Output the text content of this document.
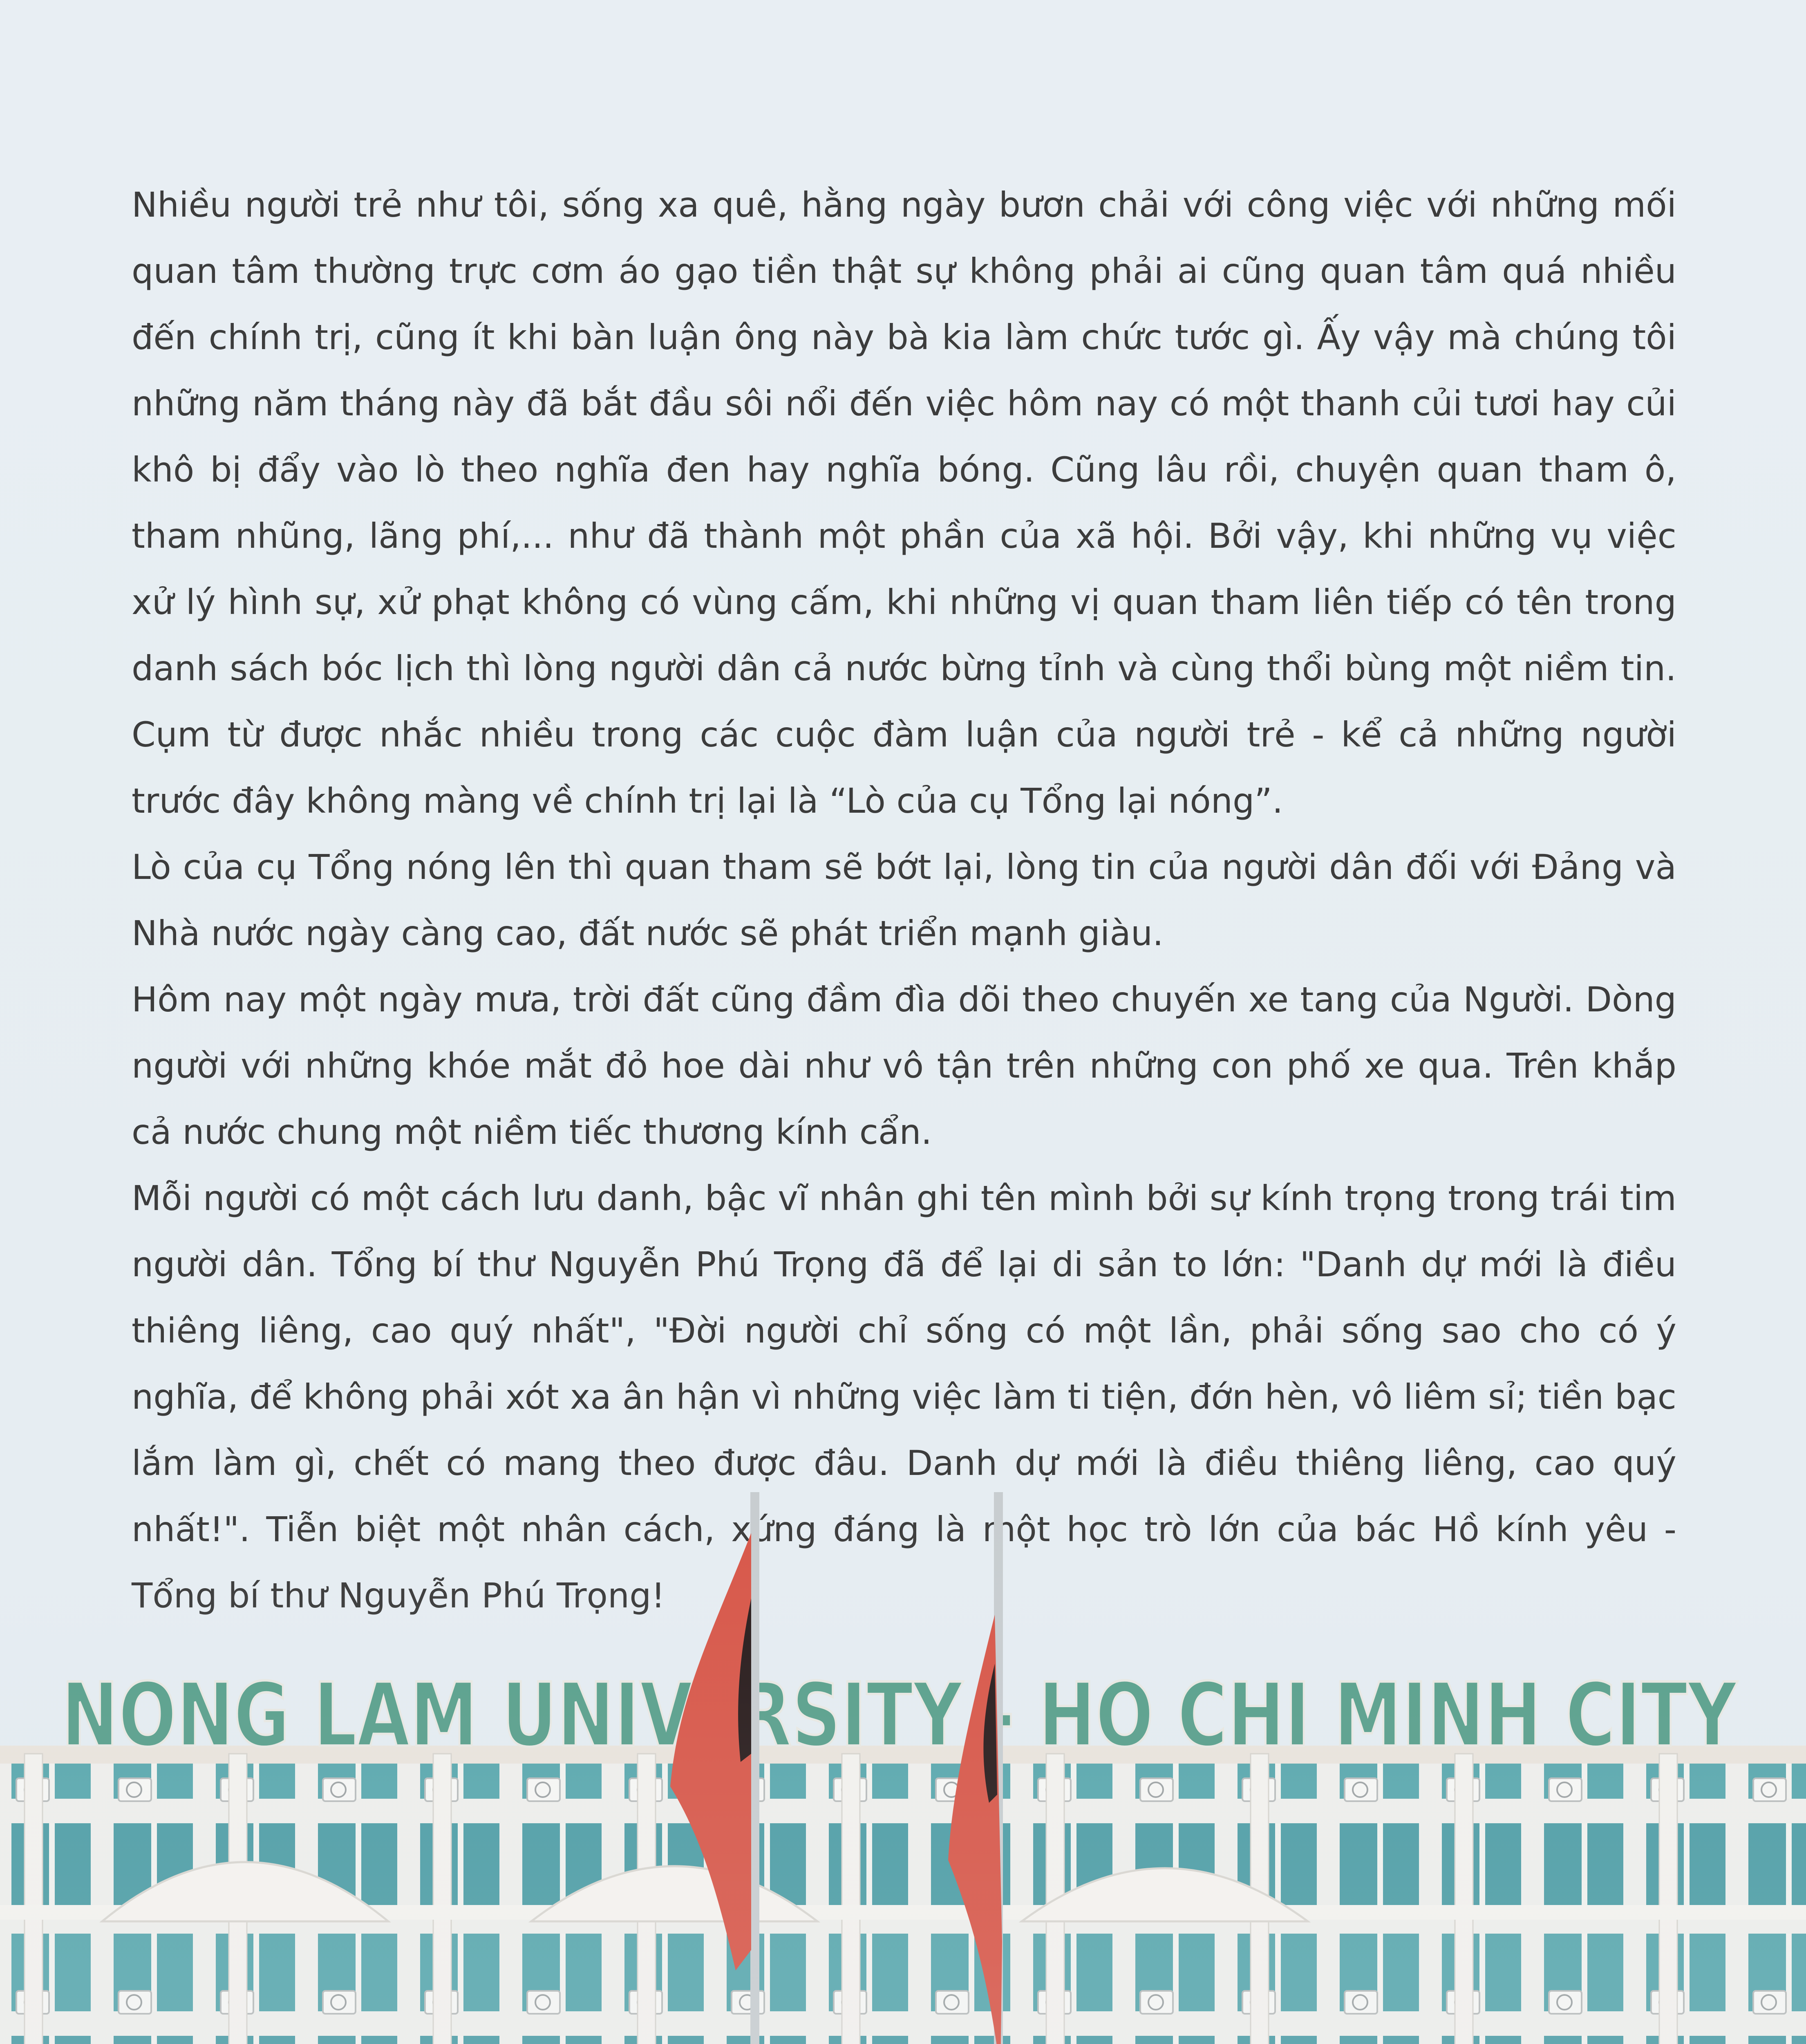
Nhiều người trẻ như tôi, sống xa quê, hằng ngày bươn chải với công việc với những mối quan tâm thường trực cơm áo gạo tiền thật sự không phải ai cũng quan tâm quá nhiều đến chính trị, cũng ít khi bàn luận ông này bà kia làm chức tước gì. Ấy vậy mà chúng tôi những năm tháng này đã bắt đầu sôi nổi đến việc hôm nay có một thanh củi tươi hay củi khô bị đẩy vào lò theo nghĩa đen hay nghĩa bóng. Cũng lâu rồi, chuyện quan tham ô, tham nhũng, lãng phí,... như đã thành một phần của xã hội. Bởi vậy, khi những vụ việc xử lý hình sự, xử phạt không có vùng cấm, khi những vị quan tham liên tiếp có tên trong danh sách bóc lịch thì lòng người dân cả nước bừng tỉnh và cùng thổi bùng một niềm tin. Cụm từ được nhắc nhiều trong các cuộc đàm luận của người trẻ - kể cả những người trước đây không màng về chính trị lại là “Lò của cụ Tổng lại nóng”.

Lò của cụ Tổng nóng lên thì quan tham sẽ bớt lại, lòng tin của người dân đối với Đảng và Nhà nước ngày càng cao, đất nước sẽ phát triển mạnh giàu.

Hôm nay một ngày mưa, trời đất cũng đầm đìa dõi theo chuyến xe tang của Người. Dòng người với những khóe mắt đỏ hoe dài như vô tận trên những con phố xe qua. Trên khắp cả nước chung một niềm tiếc thương kính cẩn.

Mỗi người có một cách lưu danh, bậc vĩ nhân ghi tên mình bởi sự kính trọng trong trái tim người dân. Tổng bí thư Nguyễn Phú Trọng đã để lại di sản to lớn: "Danh dự mới là điều thiêng liêng, cao quý nhất", "Đời người chỉ sống có một lần, phải sống sao cho có ý nghĩa, để không phải xót xa ân hận vì những việc làm ti tiện, đớn hèn, vô liêm sỉ; tiền bạc lắm làm gì, chết có mang theo được đâu. Danh dự mới là điều thiêng liêng, cao quý
